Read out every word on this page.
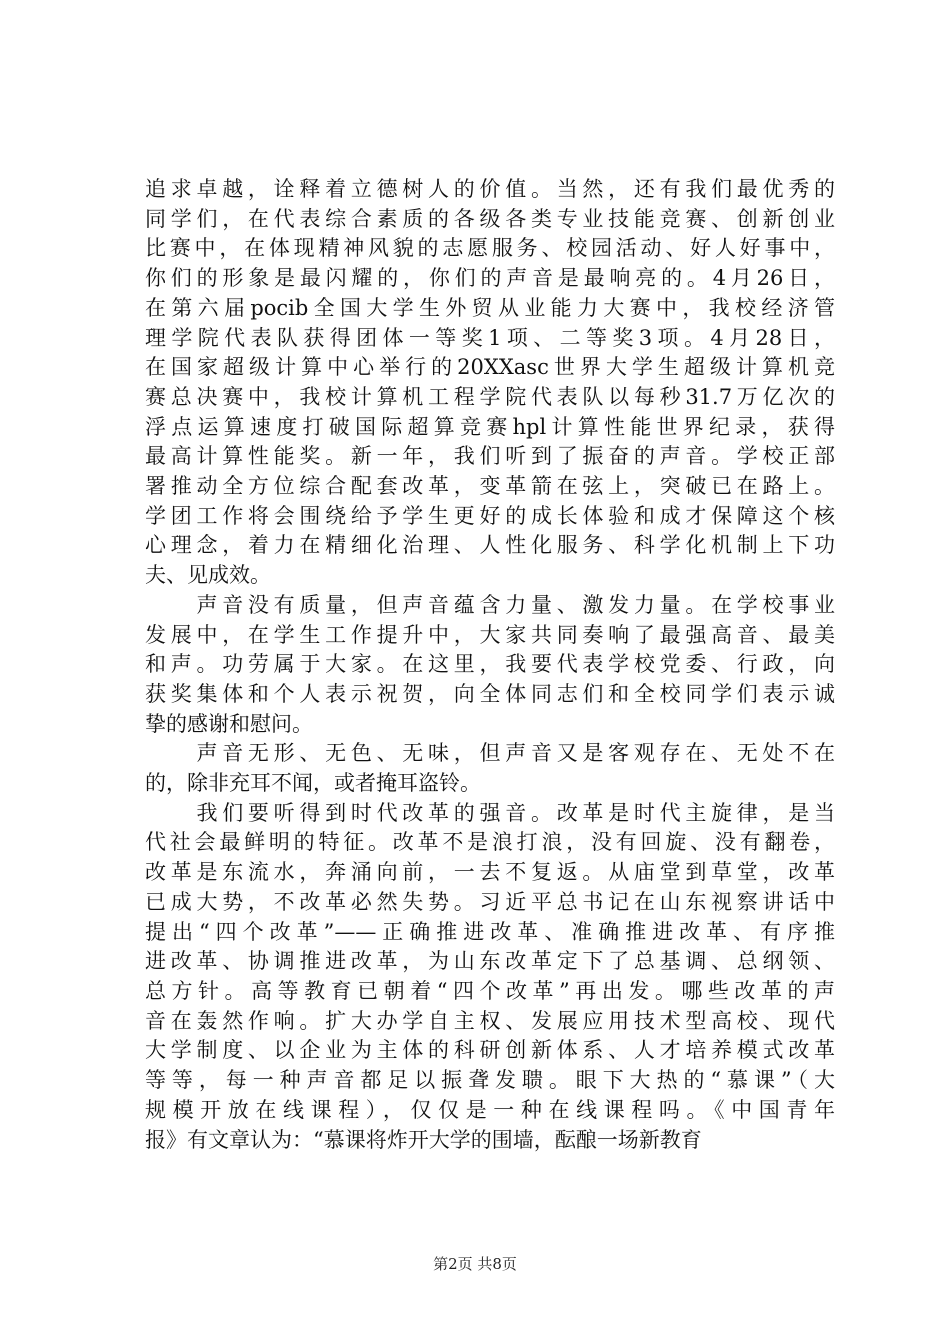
追求卓越，诠释着立德树人的价值。当然，还有我们最优秀的
同学们，在代表综合素质的各级各类专业技能竞赛、创新创业
比赛中，在体现精神风貌的志愿服务、校园活动、好人好事中，
你们的形象是最闪耀的，你们的声音是最响亮的。4月26日，
在第六届pocib全国大学生外贸从业能力大赛中，我校经济管
理学院代表队获得团体一等奖1项、二等奖3项。4月28日，
在国家超级计算中心举行的20XXasc世界大学生超级计算机竞
赛总决赛中，我校计算机工程学院代表队以每秒31.7万亿次的
浮点运算速度打破国际超算竞赛hpl计算性能世界纪录，获得
最高计算性能奖。新一年，我们听到了振奋的声音。学校正部
署推动全方位综合配套改革，变革箭在弦上，突破已在路上。
学团工作将会围绕给予学生更好的成长体验和成才保障这个核
心理念，着力在精细化治理、人性化服务、科学化机制上下功
夫、见成效。
　　声音没有质量，但声音蕴含力量、激发力量。在学校事业
发展中，在学生工作提升中，大家共同奏响了最强高音、最美
和声。功劳属于大家。在这里，我要代表学校党委、行政，向
获奖集体和个人表示祝贺，向全体同志们和全校同学们表示诚
挚的感谢和慰问。
　　声音无形、无色、无味，但声音又是客观存在、无处不在
的，除非充耳不闻，或者掩耳盗铃。
　　我们要听得到时代改革的强音。改革是时代主旋律，是当
代社会最鲜明的特征。改革不是浪打浪，没有回旋、没有翻卷，
改革是东流水，奔涌向前，一去不复返。从庙堂到草堂，改革
已成大势，不改革必然失势。习近平总书记在山东视察讲话中
提出“四个改革”——正确推进改革、准确推进改革、有序推
进改革、协调推进改革，为山东改革定下了总基调、总纲领、
总方针。高等教育已朝着“四个改革”再出发。哪些改革的声
音在轰然作响。扩大办学自主权、发展应用技术型高校、现代
大学制度、以企业为主体的科研创新体系、人才培养模式改革
等等，每一种声音都足以振聋发聩。眼下大热的“慕课”（大
规模开放在线课程），仅仅是一种在线课程吗。《中国青年
报》有文章认为：“慕课将炸开大学的围墙，酝酿一场新教育
第2页 共8页
